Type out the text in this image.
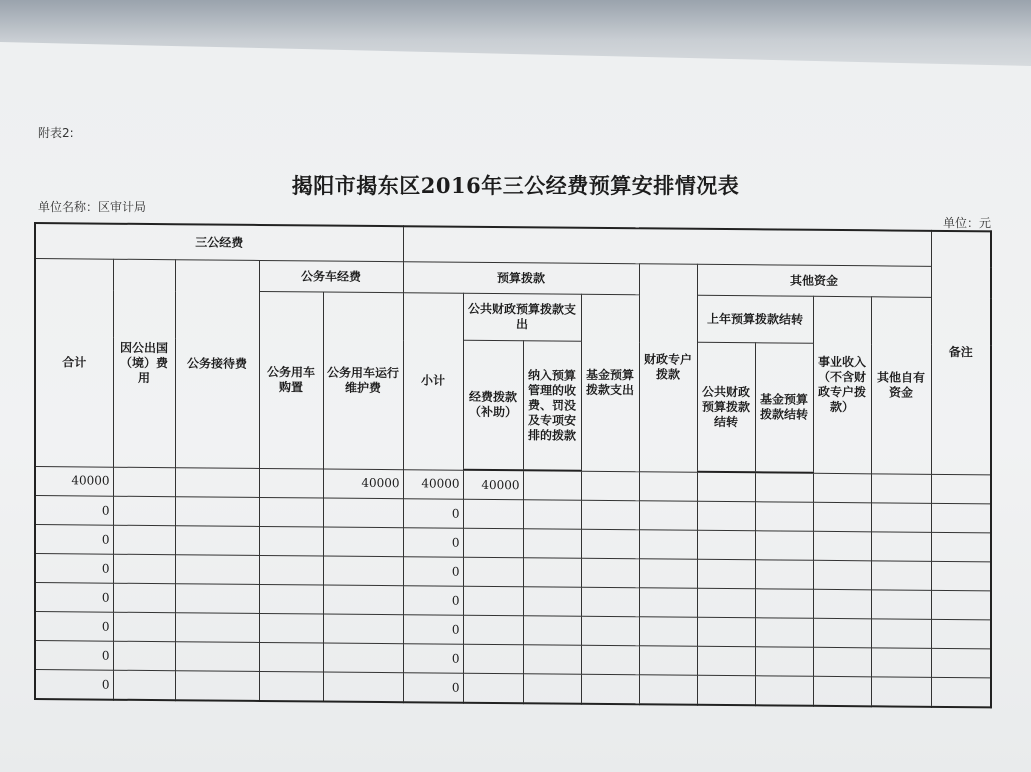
附表2:
揭阳市揭东区2016年三公经费预算安排情况表
单位名称：区审计局
单位：元
三公经费														备注
合计	因公出国（境）费用	公务接待费	公务车经费		预算拨款				财政专户拨款	其他资金				
			公务用车购置	公务用车运行维护费	小计	公共财政预算拨款支出		基金预算拨款支出		上年预算拨款结转		事业收入（不含财政专户拨款）	其他自有资金	
						经费拨款（补助）	纳入预算管理的收费、罚没及专项安排的拨款			公共财政预算拨款结转	基金预算拨款结转			
40000				40000	40000	40000								
0					0									
0					0									
0					0									
0					0									
0					0									
0					0									
0					0									
